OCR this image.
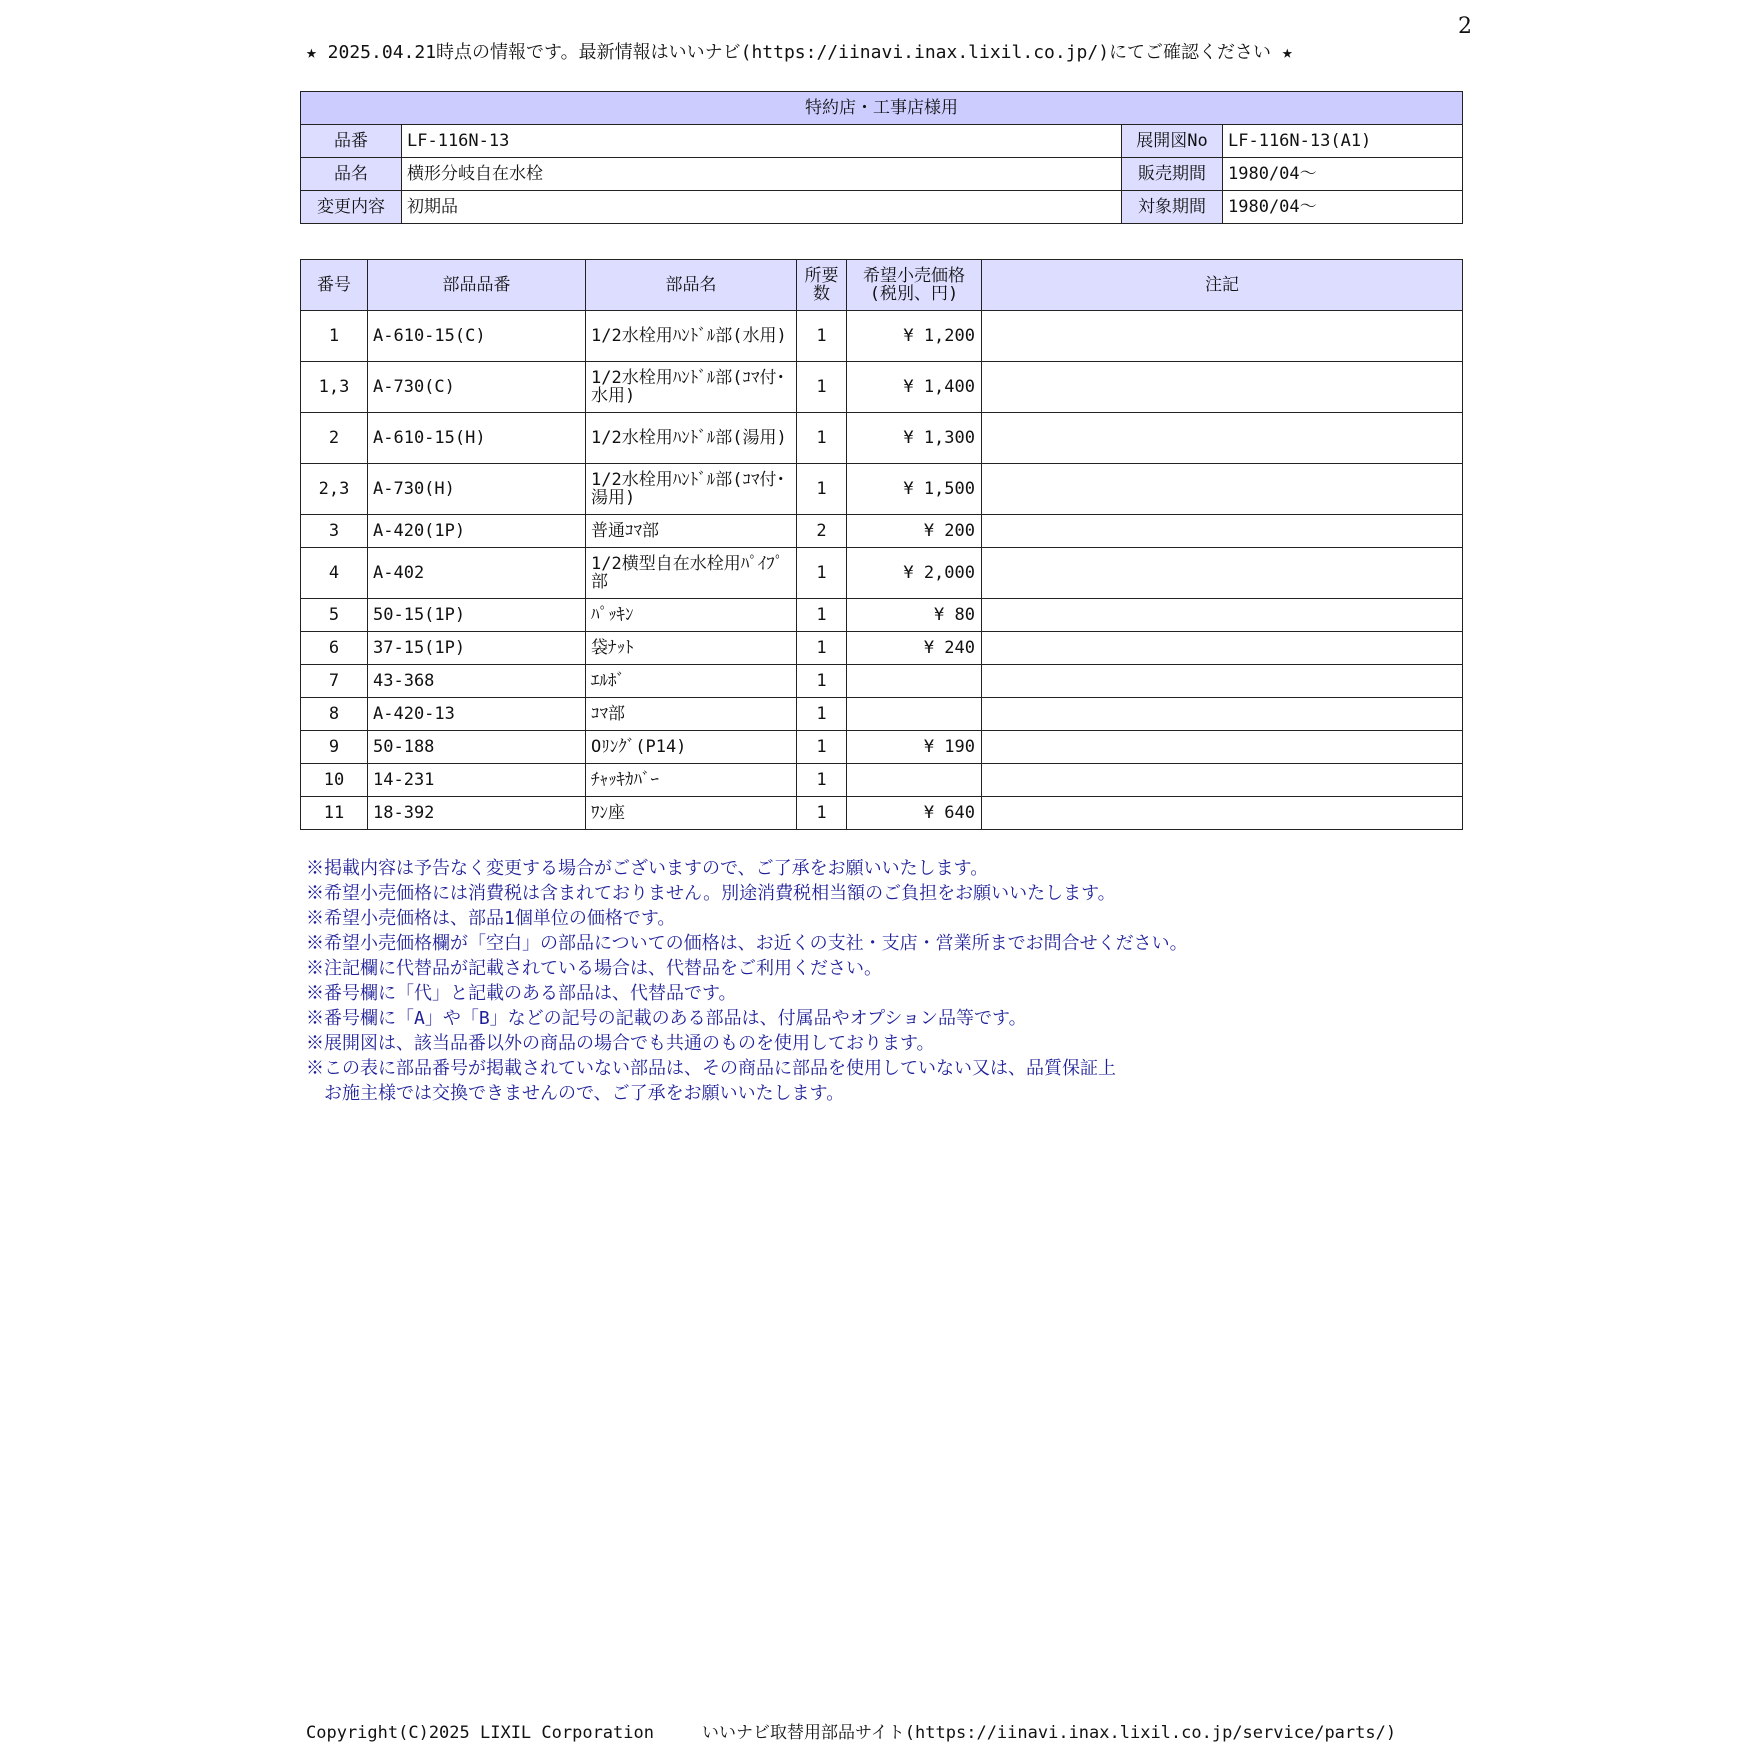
2
★ 2025.04.21時点の情報です。最新情報はいいナビ(https://iinavi.inax.lixil.co.jp/)にてご確認ください ★
特約店・工事店様用			
品番	LF-116N-13	展開図No	LF-116N-13(A1)
品名	横形分岐自在水栓	販売期間	1980/04〜
変更内容	初期品	対象期間	1980/04〜
番号	部品品番	部品名	所要数	希望小売価格(税別、円)	注記
1	A-610-15(C)	1/2水栓用ﾊﾝﾄﾞﾙ部(水用)	1	¥ 1,200	
1,3	A-730(C)	1/2水栓用ﾊﾝﾄﾞﾙ部(ｺﾏ付･水用)	1	¥ 1,400	
2	A-610-15(H)	1/2水栓用ﾊﾝﾄﾞﾙ部(湯用)	1	¥ 1,300	
2,3	A-730(H)	1/2水栓用ﾊﾝﾄﾞﾙ部(ｺﾏ付･湯用)	1	¥ 1,500	
3	A-420(1P)	普通ｺﾏ部	2	¥ 200	
4	A-402	1/2横型自在水栓用ﾊﾟｲﾌﾟ部	1	¥ 2,000	
5	50-15(1P)	ﾊﾟｯｷﾝ	1	¥ 80	
6	37-15(1P)	袋ﾅｯﾄ	1	¥ 240	
7	43-368	ｴﾙﾎﾞ	1		
8	A-420-13	ｺﾏ部	1		
9	50-188	Oﾘﾝｸﾞ(P14)	1	¥ 190	
10	14-231	ﾁｬｯｷｶﾊﾞｰ	1		
11	18-392	ﾜﾝ座	1	¥ 640	
※掲載内容は予告なく変更する場合がございますので、ご了承をお願いいたします。
※希望小売価格には消費税は含まれておりません。別途消費税相当額のご負担をお願いいたします。
※希望小売価格は、部品1個単位の価格です。
※希望小売価格欄が「空白」の部品についての価格は、お近くの支社・支店・営業所までお問合せください。
※注記欄に代替品が記載されている場合は、代替品をご利用ください。
※番号欄に「代」と記載のある部品は、代替品です。
※番号欄に「A」や「B」などの記号の記載のある部品は、付属品やオプション品等です。
※展開図は、該当品番以外の商品の場合でも共通のものを使用しております。
※この表に部品番号が掲載されていない部品は、その商品に部品を使用していない又は、品質保証上
　お施主様では交換できませんので、ご了承をお願いいたします。
Copyright(C)2025 LIXIL Corporation	いいナビ取替用部品サイト(https://iinavi.inax.lixil.co.jp/service/parts/)
